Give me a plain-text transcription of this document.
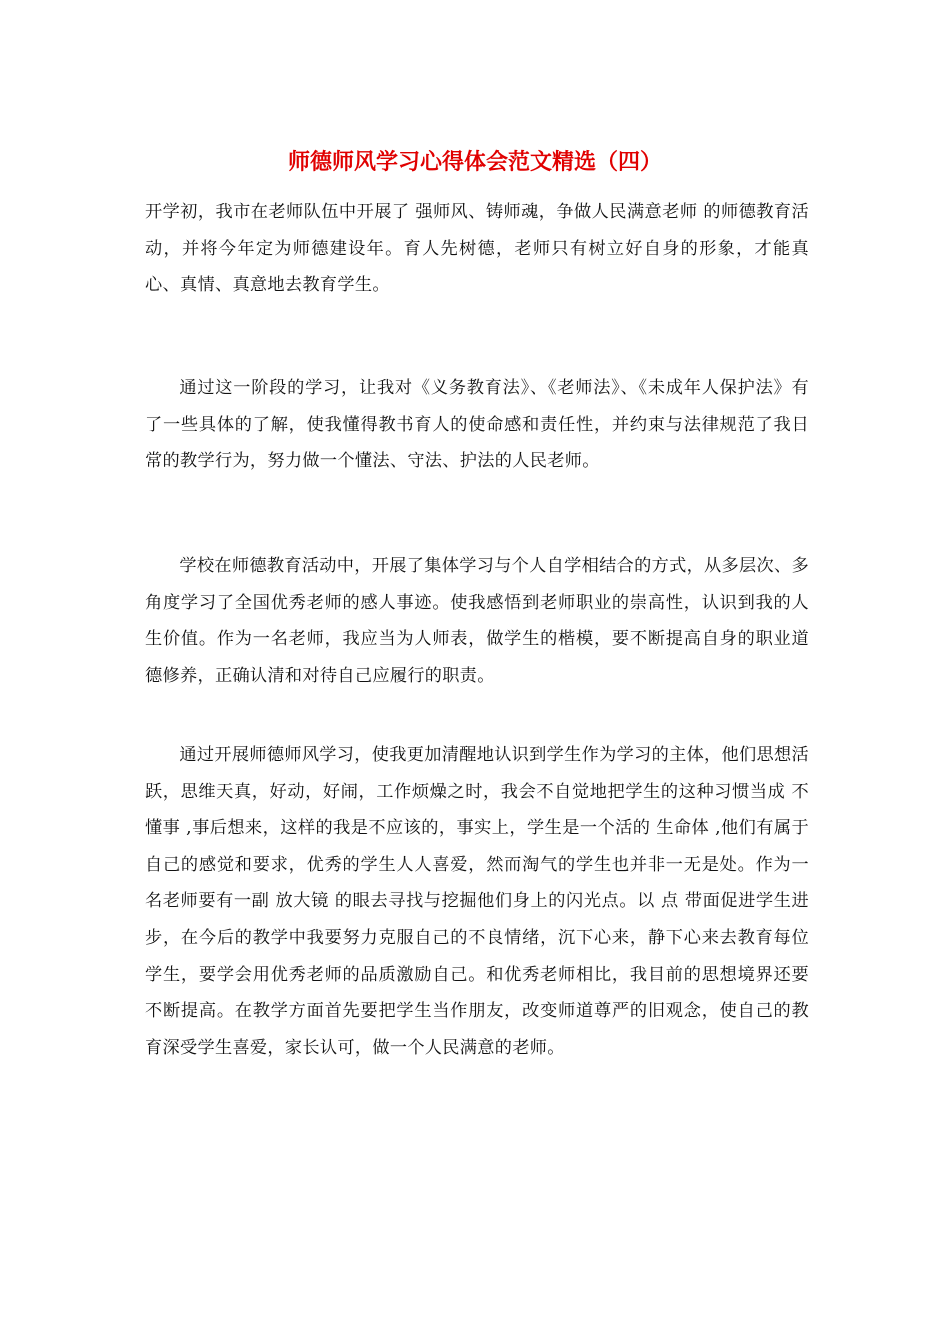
师德师风学习心得体会范文精选（四）

开学初，我市在老师队伍中开展了 强师风、铸师魂，争做人民满意老师 的师德教育活动，并将今年定为师德建设年。育人先树德，老师只有树立好自身的形象，才能真心、真情、真意地去教育学生。

通过这一阶段的学习，让我对《义务教育法》、《老师法》、《未成年人保护法》有了一些具体的了解，使我懂得教书育人的使命感和责任性，并约束与法律规范了我日常的教学行为，努力做一个懂法、守法、护法的人民老师。

学校在师德教育活动中，开展了集体学习与个人自学相结合的方式，从多层次、多角度学习了全国优秀老师的感人事迹。使我感悟到老师职业的崇高性，认识到我的人生价值。作为一名老师，我应当为人师表，做学生的楷模，要不断提高自身的职业道德修养，正确认清和对待自己应履行的职责。

通过开展师德师风学习，使我更加清醒地认识到学生作为学习的主体，他们思想活跃，思维天真，好动，好闹，工作烦燥之时，我会不自觉地把学生的这种习惯当成 不懂事 ,事后想来，这样的我是不应该的，事实上，学生是一个活的 生命体 ,他们有属于自己的感觉和要求，优秀的学生人人喜爱，然而淘气的学生也并非一无是处。作为一名老师要有一副 放大镜 的眼去寻找与挖掘他们身上的闪光点。以 点 带面促进学生进步，在今后的教学中我要努力克服自己的不良情绪，沉下心来，静下心来去教育每位学生，要学会用优秀老师的品质激励自己。和优秀老师相比，我目前的思想境界还要不断提高。在教学方面首先要把学生当作朋友，改变师道尊严的旧观念，使自己的教育深受学生喜爱，家长认可，做一个人民满意的老师。
